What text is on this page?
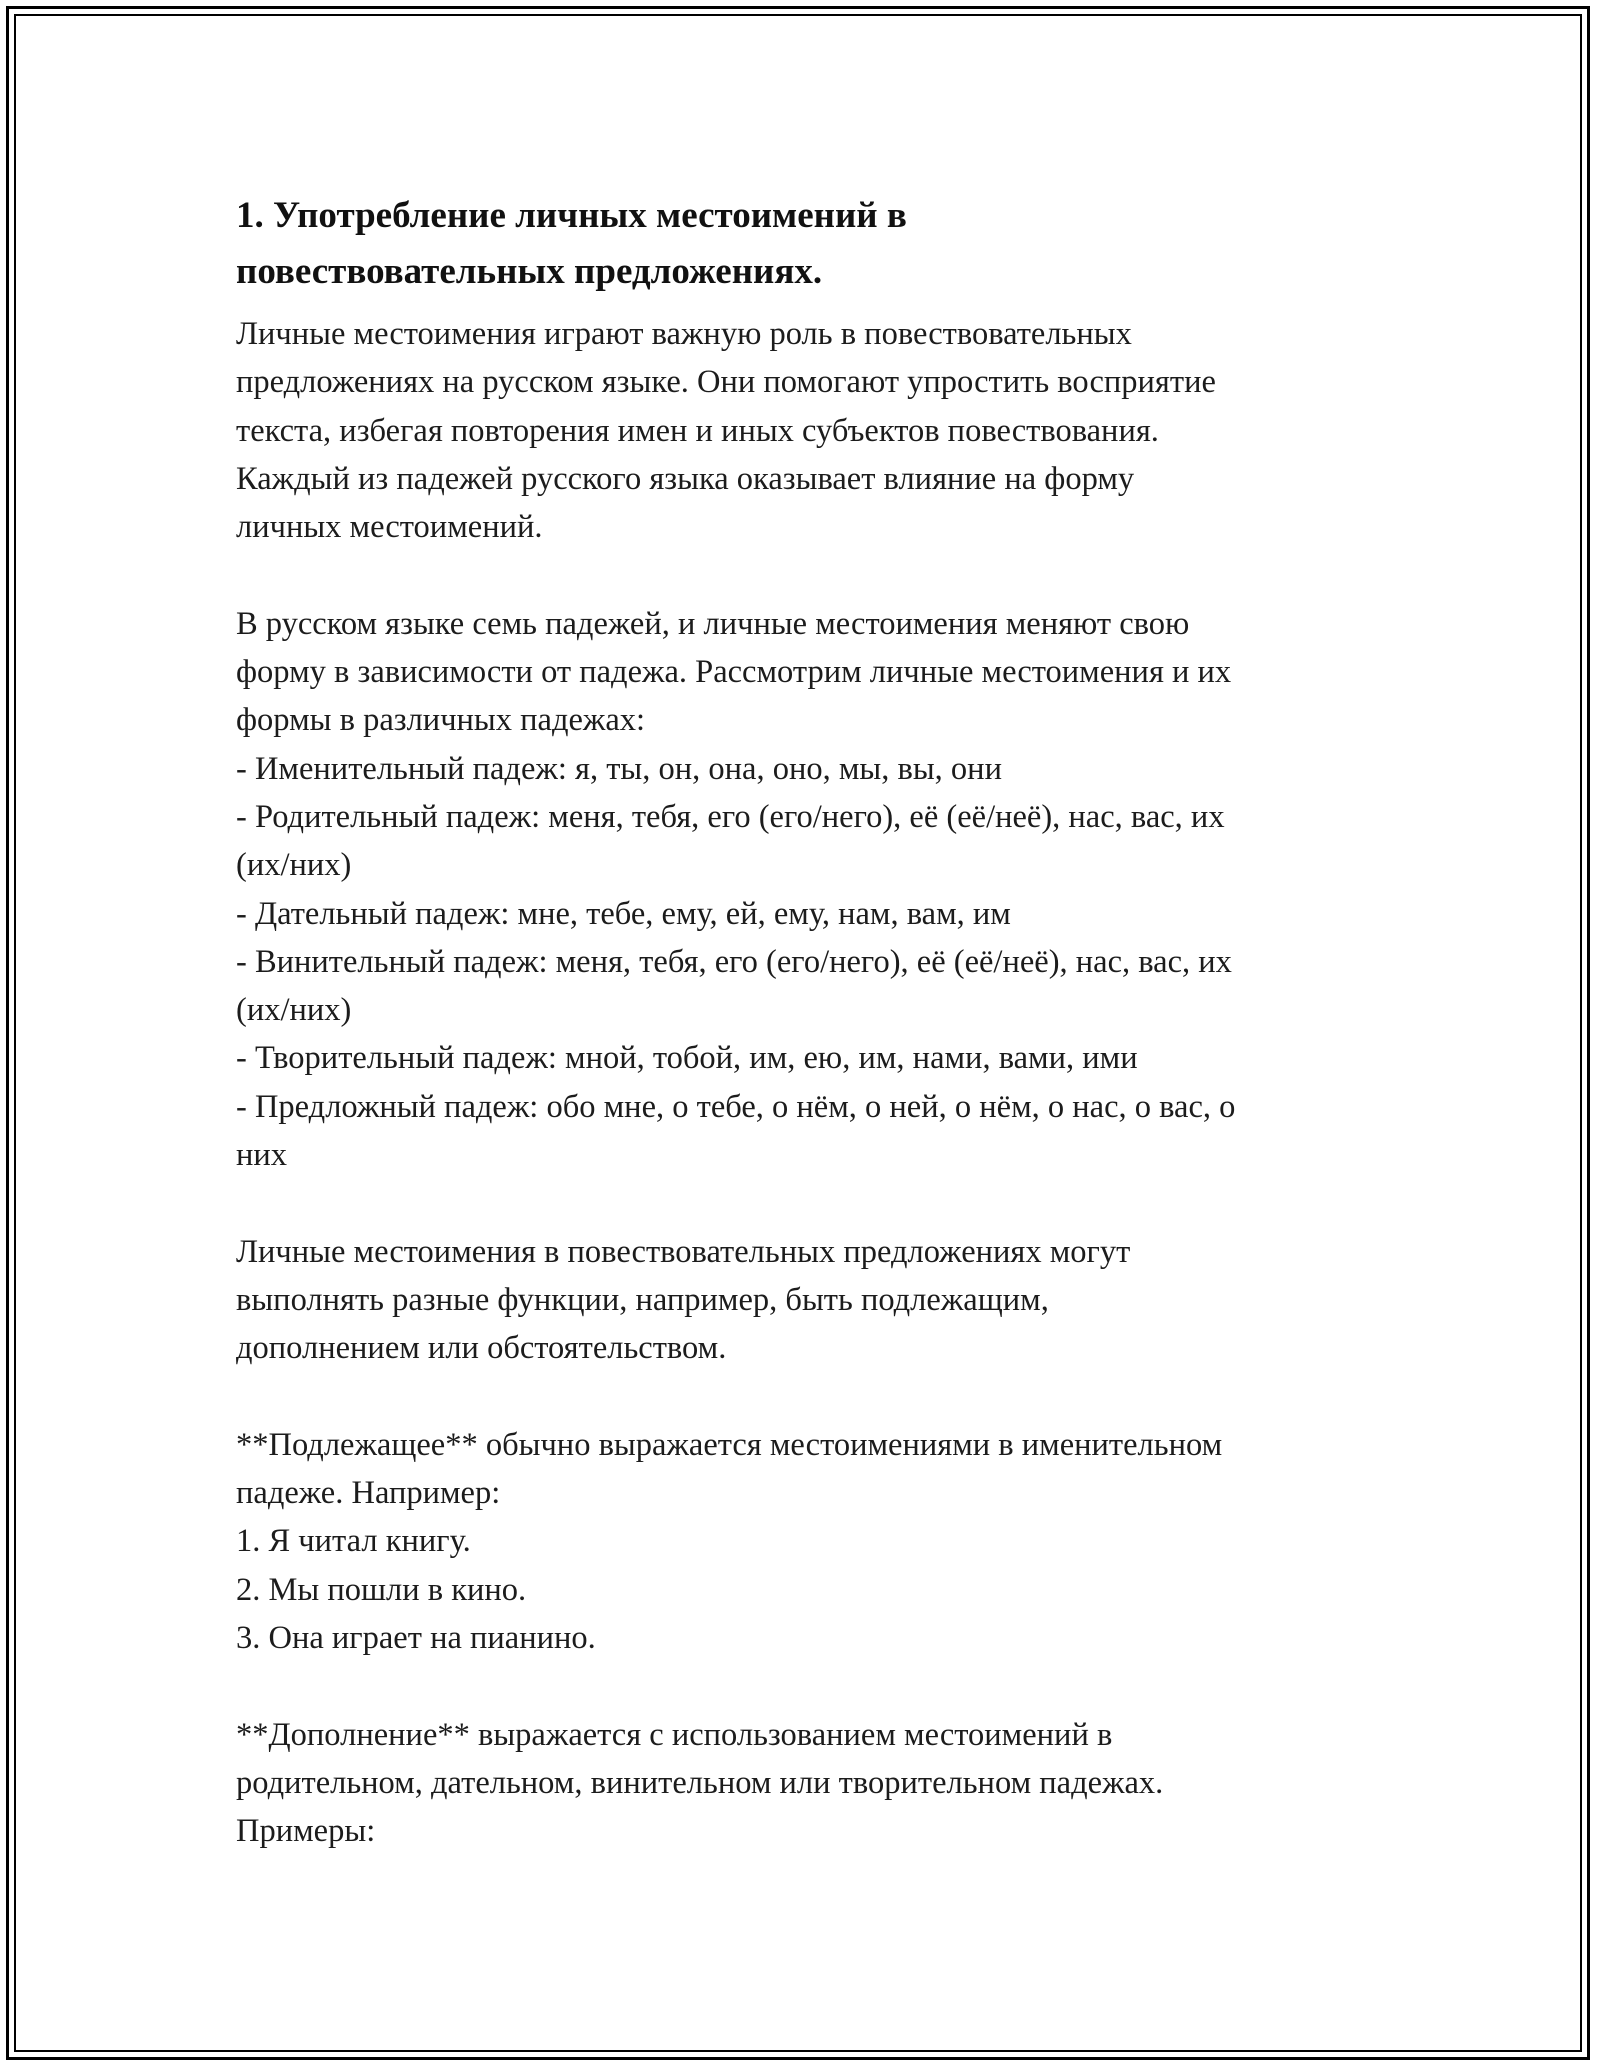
1. Употребление личных местоимений в
повествовательных предложениях.

Личные местоимения играют важную роль в повествовательных
предложениях на русском языке. Они помогают упростить восприятие
текста, избегая повторения имен и иных субъектов повествования.
Каждый из падежей русского языка оказывает влияние на форму
личных местоимений.

В русском языке семь падежей, и личные местоимения меняют свою
форму в зависимости от падежа. Рассмотрим личные местоимения и их
формы в различных падежах:
- Именительный падеж: я, ты, он, она, оно, мы, вы, они
- Родительный падеж: меня, тебя, его (его/него), её (её/неё), нас, вас, их
(их/них)
- Дательный падеж: мне, тебе, ему, ей, ему, нам, вам, им
- Винительный падеж: меня, тебя, его (его/него), её (её/неё), нас, вас, их
(их/них)
- Творительный падеж: мной, тобой, им, ею, им, нами, вами, ими
- Предложный падеж: обо мне, о тебе, о нём, о ней, о нём, о нас, о вас, о
них

Личные местоимения в повествовательных предложениях могут
выполнять разные функции, например, быть подлежащим,
дополнением или обстоятельством.

**Подлежащее** обычно выражается местоимениями в именительном
падеже. Например:
1. Я читал книгу.
2. Мы пошли в кино.
3. Она играет на пианино.

**Дополнение** выражается с использованием местоимений в
родительном, дательном, винительном или творительном падежах.
Примеры:
